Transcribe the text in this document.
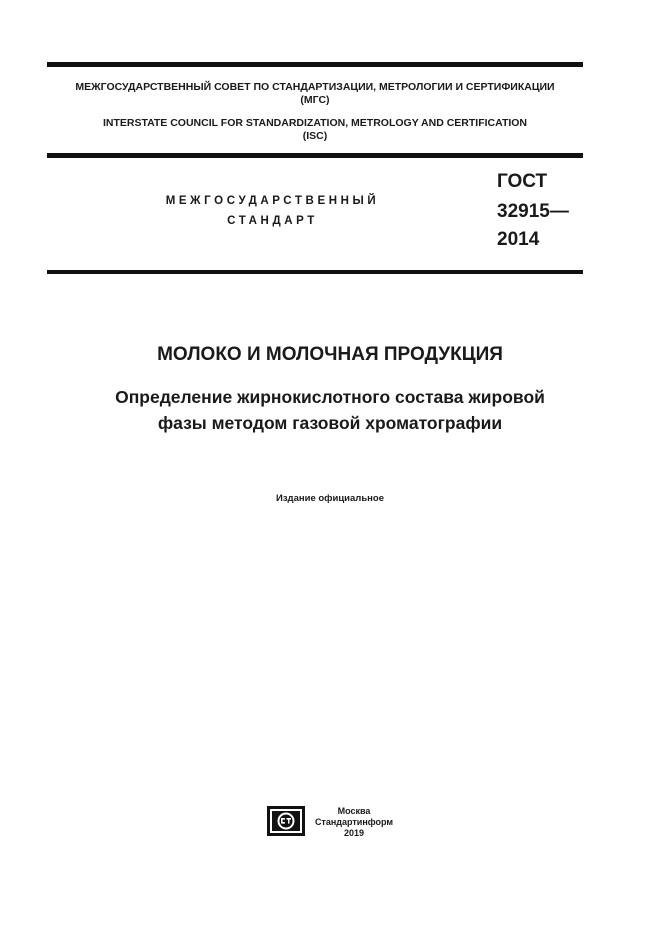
МЕЖГОСУДАРСТВЕННЫЙ СОВЕТ ПО СТАНДАРТИЗАЦИИ, МЕТРОЛОГИИ И СЕРТИФИКАЦИИ
(МГС)
INTERSTATE COUNCIL FOR STANDARDIZATION, METROLOGY AND CERTIFICATION
(ISC)
МЕЖГОСУДАРСТВЕННЫЙ
СТАНДАРТ
ГОСТ
32915—
2014
МОЛОКО И МОЛОЧНАЯ ПРОДУКЦИЯ
Определение жирнокислотного состава жировой
фазы методом газовой хроматографии
Издание официальное
Москва
Стандартинформ
2019
